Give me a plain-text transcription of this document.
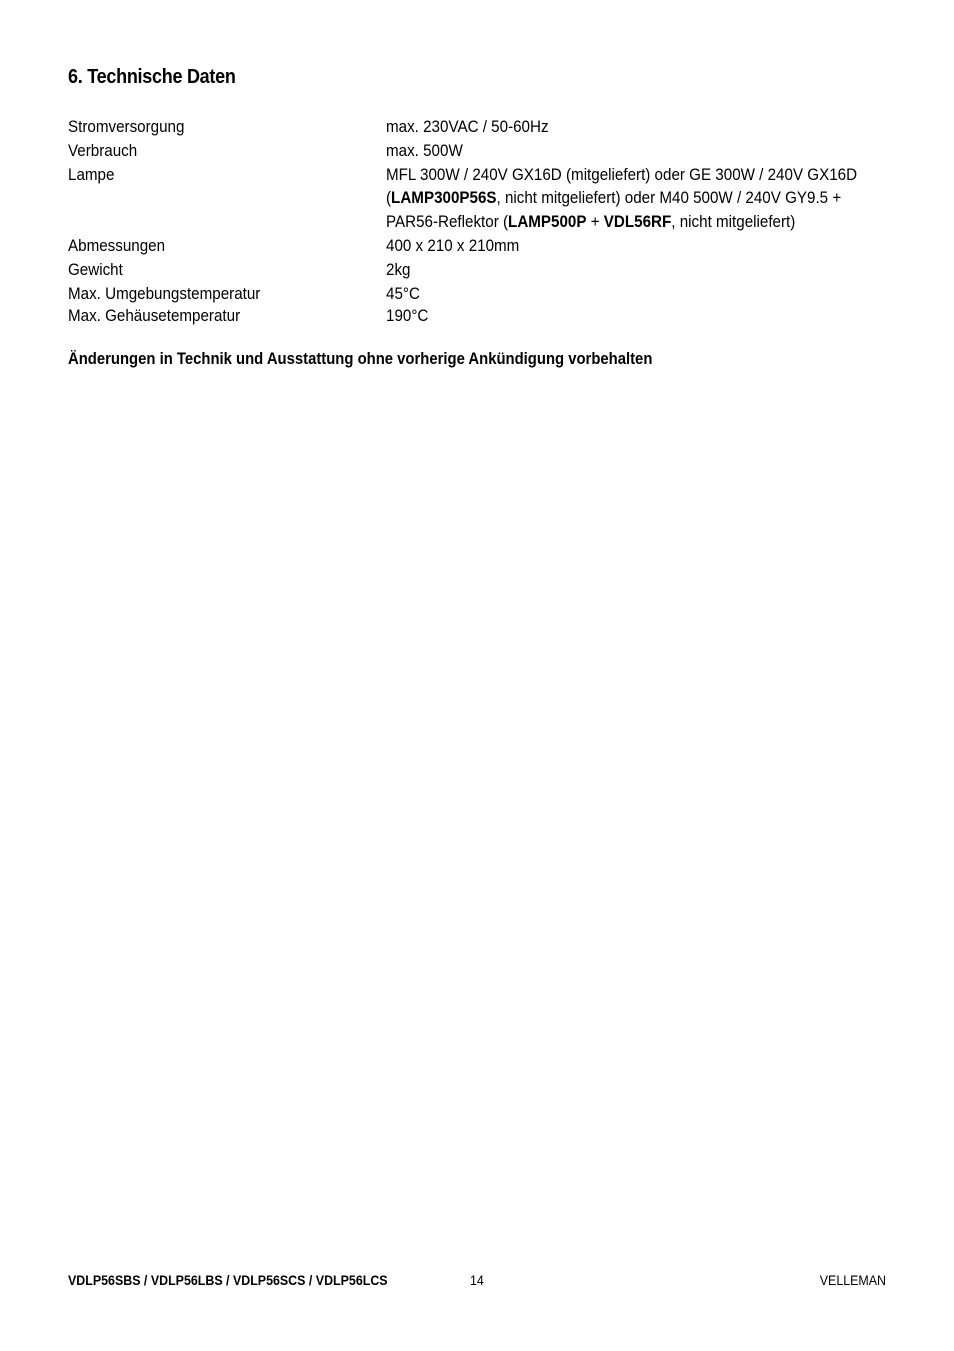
6. Technische Daten
Stromversorgung	max. 230VAC / 50-60Hz
Verbrauch	max. 500W
Lampe	MFL 300W / 240V GX16D (mitgeliefert) oder GE 300W / 240V GX16D
(LAMP300P56S, nicht mitgeliefert) oder M40 500W / 240V GY9.5 +
PAR56-Reflektor (LAMP500P + VDL56RF, nicht mitgeliefert)
Abmessungen	400 x 210 x 210mm
Gewicht	2kg
Max. Umgebungstemperatur	45°C
Max. Gehäusetemperatur	190°C
Änderungen in Technik und Ausstattung ohne vorherige Ankündigung vorbehalten
VDLP56SBS / VDLP56LBS / VDLP56SCS / VDLP56LCS	14	VELLEMAN
